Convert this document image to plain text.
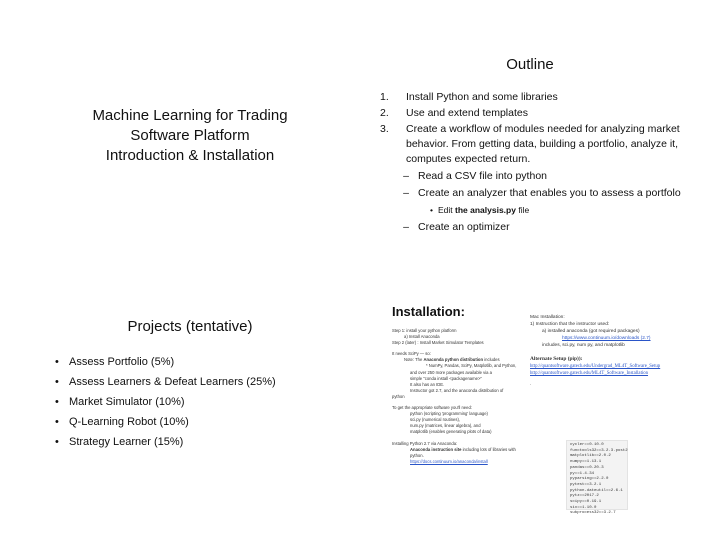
Machine Learning for Trading
Software Platform
Introduction & Installation
Outline
1.	Install Python and some libraries
2.	Use and extend templates
3.	Create a workflow of modules needed for analyzing market behavior. From getting data, building a portfolio, analyze it, computes expected return.
– Read a CSV file into python
– Create an analyzer that enables you to assess a portfolo
• Edit the analysis.py file
– Create an optimizer
Projects (tentative)
• Assess Portfolio (5%)
• Assess Learners & Defeat Learners (25%)
• Market Simulator (10%)
• Q-Learning Robot (10%)
• Strategy Learner (15%)
Installation:
Step 1: install your python platform
a) Install Anaconda
Step 2 (later) : Install Market Simulator Templates
It needs SciPy — so:
Note: The Anaconda python distribution includes
* NumPy, Pandas, SciPy, Matplotlib, and Python,
and over 250 more packages available via a
simple "conda install <packagename>"
It also has an IDE.
Instructor got 2.7, and the anaconda distribution of
python
To get the appropriate software you'll need:
python (scripting 'programming' language)
sci.py (numerical routines),
num.py (matrices, linear algebra), and
matplotlib (enables generating plots of data)
Installing Python 2.7 via Anaconda:
Anaconda instruction site including lots of libraries with
python.
https://docs.continuum.io/anaconda/install
Mac Installation:
1) Instruction that the instructor used:
a) installed anaconda (got required packages)
https://www.continuum.io/downloads (2.7)
includes, sci.py, num py, and matplotlib
Alternate Setup (pip)):
http://quantsoftware.gatech.edu/Undergrad_ML4T_Software_Setup
http://quantsoftware.gatech.edu/ML4T_Software_Installation
.
cycler==0.10.0
functools32==3.2.3.post2
matplotlib==2.0.2
numpy==1.13.1
pandas==0.20.3
py==1.4.34
pyparsing==2.2.0
pytest==3.2.1
python-dateutil==2.6.1
pytz==2017.2
scipy==0.19.1
six==1.10.0
subprocess32==3.2.7
